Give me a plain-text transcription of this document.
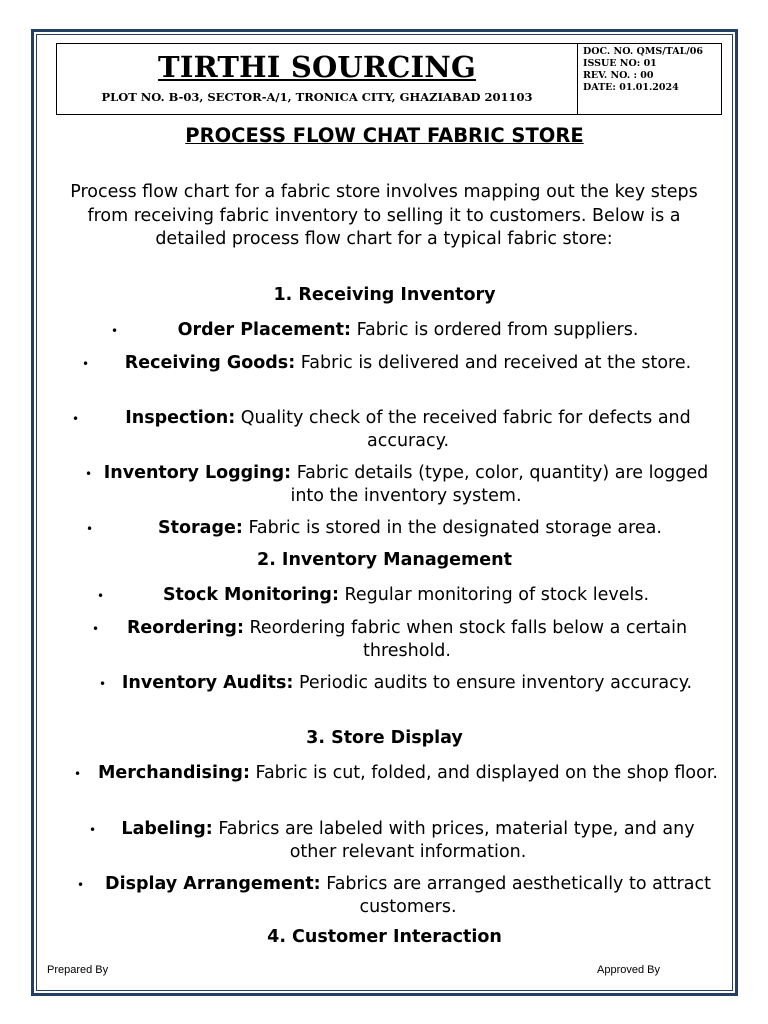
TIRTHI SOURCING
PLOT NO. B-03, SECTOR-A/1, TRONICA CITY, GHAZIABAD 201103
DOC. NO. QMS/TAL/06
ISSUE NO: 01
REV. NO. : 00
DATE: 01.01.2024
PROCESS FLOW CHAT FABRIC STORE
Process flow chart for a fabric store involves mapping out the key steps from receiving fabric inventory to selling it to customers. Below is a detailed process flow chart for a typical fabric store:
1. Receiving Inventory
•	Order Placement: Fabric is ordered from suppliers.
•	Receiving Goods: Fabric is delivered and received at the store.
•	Inspection: Quality check of the received fabric for defects and accuracy.
• Inventory Logging: Fabric details (type, color, quantity) are logged into the inventory system.
•	Storage: Fabric is stored in the designated storage area.
2. Inventory Management
•	Stock Monitoring: Regular monitoring of stock levels.
•	Reordering: Reordering fabric when stock falls below a certain threshold.
• Inventory Audits: Periodic audits to ensure inventory accuracy.
3. Store Display
• Merchandising: Fabric is cut, folded, and displayed on the shop floor.
•	Labeling: Fabrics are labeled with prices, material type, and any other relevant information.
•	Display Arrangement: Fabrics are arranged aesthetically to attract customers.
4. Customer Interaction
Prepared By	Approved By
